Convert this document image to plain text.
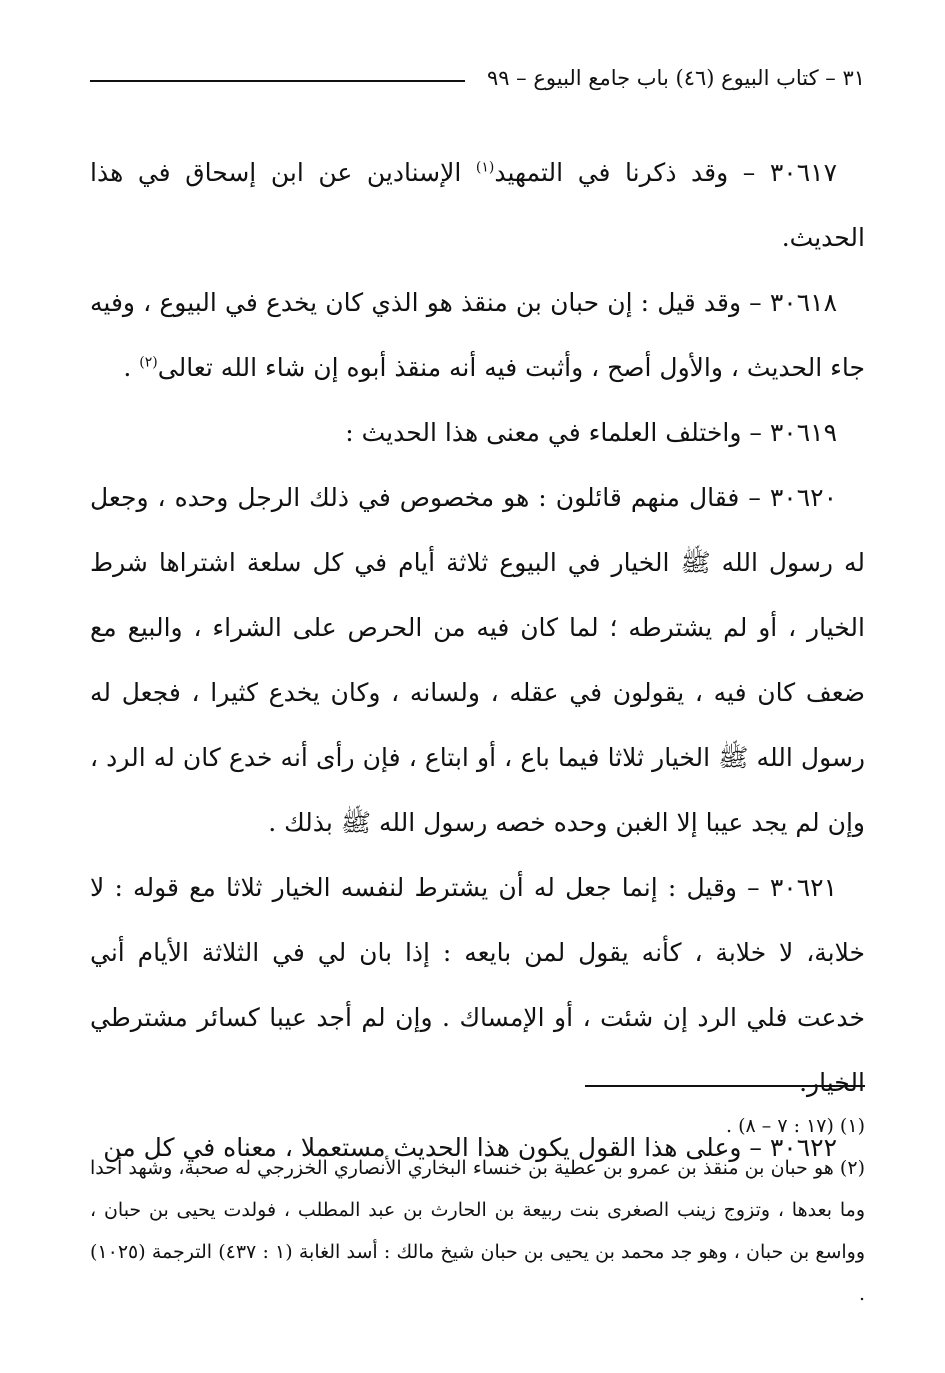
٣١ – كتاب البيوع (٤٦) باب جامع البيوع – ٩٩

٣٠٦١٧ – وقد ذكرنا في التمهيد$^{(١)}$ الإسنادين عن ابن إسحاق في هذا الحديث.

٣٠٦١٨ – وقد قيل : إن حبان بن منقذ هو الذي كان يخدع في البيوع ، وفيه جاء الحديث ، والأول أصح ، وأثبت فيه أنه منقذ أبوه إن شاء الله تعالى$^{(٢)}$ .

٣٠٦١٩ – واختلف العلماء في معنى هذا الحديث :

٣٠٦٢٠ – فقال منهم قائلون : هو مخصوص في ذلك الرجل وحده ، وجعل له رسول الله ﷺ الخيار في البيوع ثلاثة أيام في كل سلعة اشتراها شرط الخيار ، أو لم يشترطه ؛ لما كان فيه من الحرص على الشراء ، والبيع مع ضعف كان فيه ، يقولون في عقله ، ولسانه ، وكان يخدع كثيرا ، فجعل له رسول الله ﷺ الخيار ثلاثا فيما باع ، أو ابتاع ، فإن رأى أنه خدع كان له الرد ، وإن لم يجد عيبا إلا الغبن وحده خصه رسول الله ﷺ بذلك .

٣٠٦٢١ – وقيل : إنما جعل له أن يشترط لنفسه الخيار ثلاثا مع قوله : لا خلابة، لا خلابة ، كأنه يقول لمن بايعه : إذا بان لي في الثلاثة الأيام أني خدعت فلي الرد إن شئت ، أو الإمساك . وإن لم أجد عيبا كسائر مشترطي الخيار.

٣٠٦٢٢ – وعلى هذا القول يكون هذا الحديث مستعملا ، معناه في كل من

(١) (١٧ : ٧ – ٨) .

(٢) هو حبان بن منقذ بن عمرو بن عطية بن خنساء البخاري الأنصاري الخزرجي له صحبة، وشهد أحدا وما بعدها ، وتزوج زينب الصغرى بنت ربيعة بن الحارث بن عبد المطلب ، فولدت يحيى بن حبان ، وواسع بن حبان ، وهو جد محمد بن يحيى بن حبان شيخ مالك : أسد الغابة (١ : ٤٣٧) الترجمة (١٠٢٥) .
